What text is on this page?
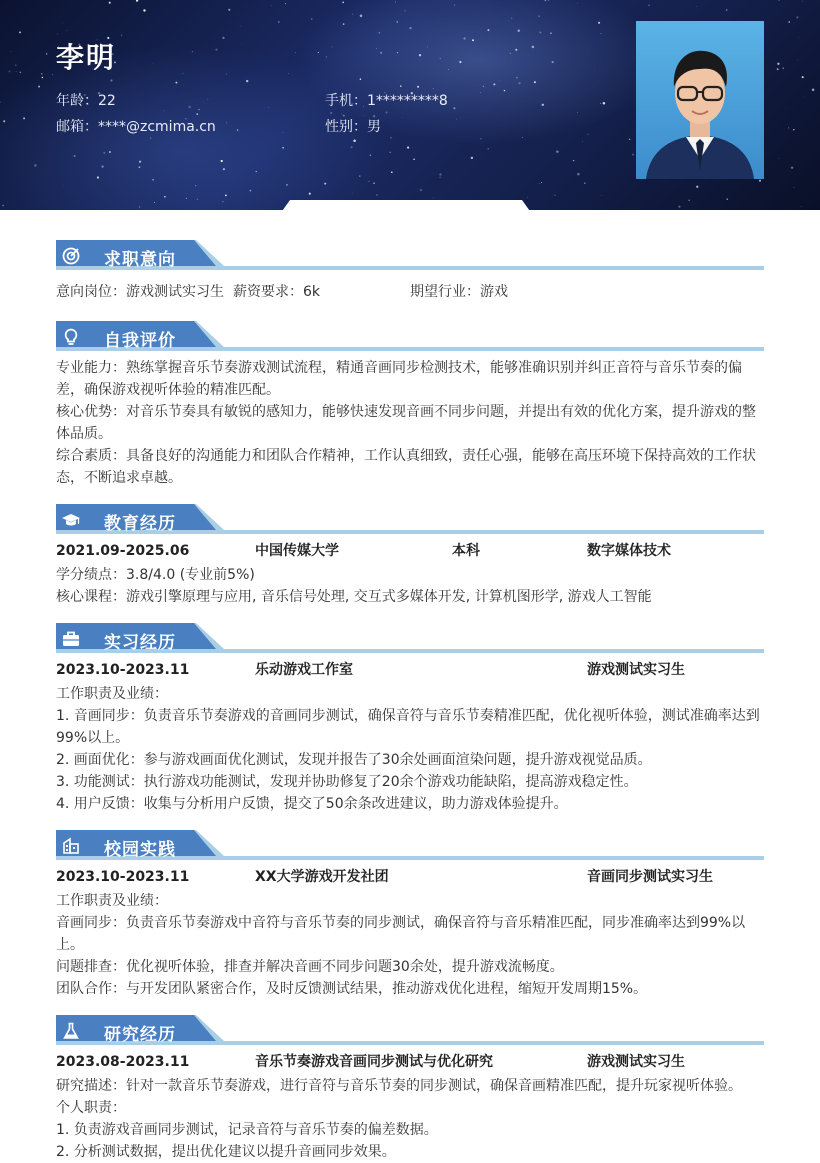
李明
年龄：22	手机：1*********8
邮箱：****@zcmima.cn	性别：男
求职意向
意向岗位：游戏测试实习生 薪资要求：6k	期望行业：游戏
自我评价
专业能力：熟练掌握音乐节奏游戏测试流程，精通音画同步检测技术，能够准确识别并纠正音符与音乐节奏的偏差，确保游戏视听体验的精准匹配。
核心优势：对音乐节奏具有敏锐的感知力，能够快速发现音画不同步问题，并提出有效的优化方案，提升游戏的整体品质。
综合素质：具备良好的沟通能力和团队合作精神，工作认真细致，责任心强，能够在高压环境下保持高效的工作状态，不断追求卓越。
教育经历
2021.09-2025.06	中国传媒大学	本科	数字媒体技术
学分绩点：3.8/4.0 (专业前5%)
核心课程：游戏引擎原理与应用, 音乐信号处理, 交互式多媒体开发, 计算机图形学, 游戏人工智能
实习经历
2023.10-2023.11	乐动游戏工作室	游戏测试实习生
工作职责及业绩：
1. 音画同步：负责音乐节奏游戏的音画同步测试，确保音符与音乐节奏精准匹配，优化视听体验，测试准确率达到99%以上。
2. 画面优化：参与游戏画面优化测试，发现并报告了30余处画面渲染问题，提升游戏视觉品质。
3. 功能测试：执行游戏功能测试，发现并协助修复了20余个游戏功能缺陷，提高游戏稳定性。
4. 用户反馈：收集与分析用户反馈，提交了50余条改进建议，助力游戏体验提升。
校园实践
2023.10-2023.11	XX大学游戏开发社团	音画同步测试实习生
工作职责及业绩：
音画同步：负责音乐节奏游戏中音符与音乐节奏的同步测试，确保音符与音乐精准匹配，同步准确率达到99%以上。
问题排查：优化视听体验，排查并解决音画不同步问题30余处，提升游戏流畅度。
团队合作：与开发团队紧密合作，及时反馈测试结果，推动游戏优化进程，缩短开发周期15%。
研究经历
2023.08-2023.11	音乐节奏游戏音画同步测试与优化研究	游戏测试实习生
研究描述：针对一款音乐节奏游戏，进行音符与音乐节奏的同步测试，确保音画精准匹配，提升玩家视听体验。
个人职责：
1. 负责游戏音画同步测试，记录音符与音乐节奏的偏差数据。
2. 分析测试数据，提出优化建议以提升音画同步效果。
